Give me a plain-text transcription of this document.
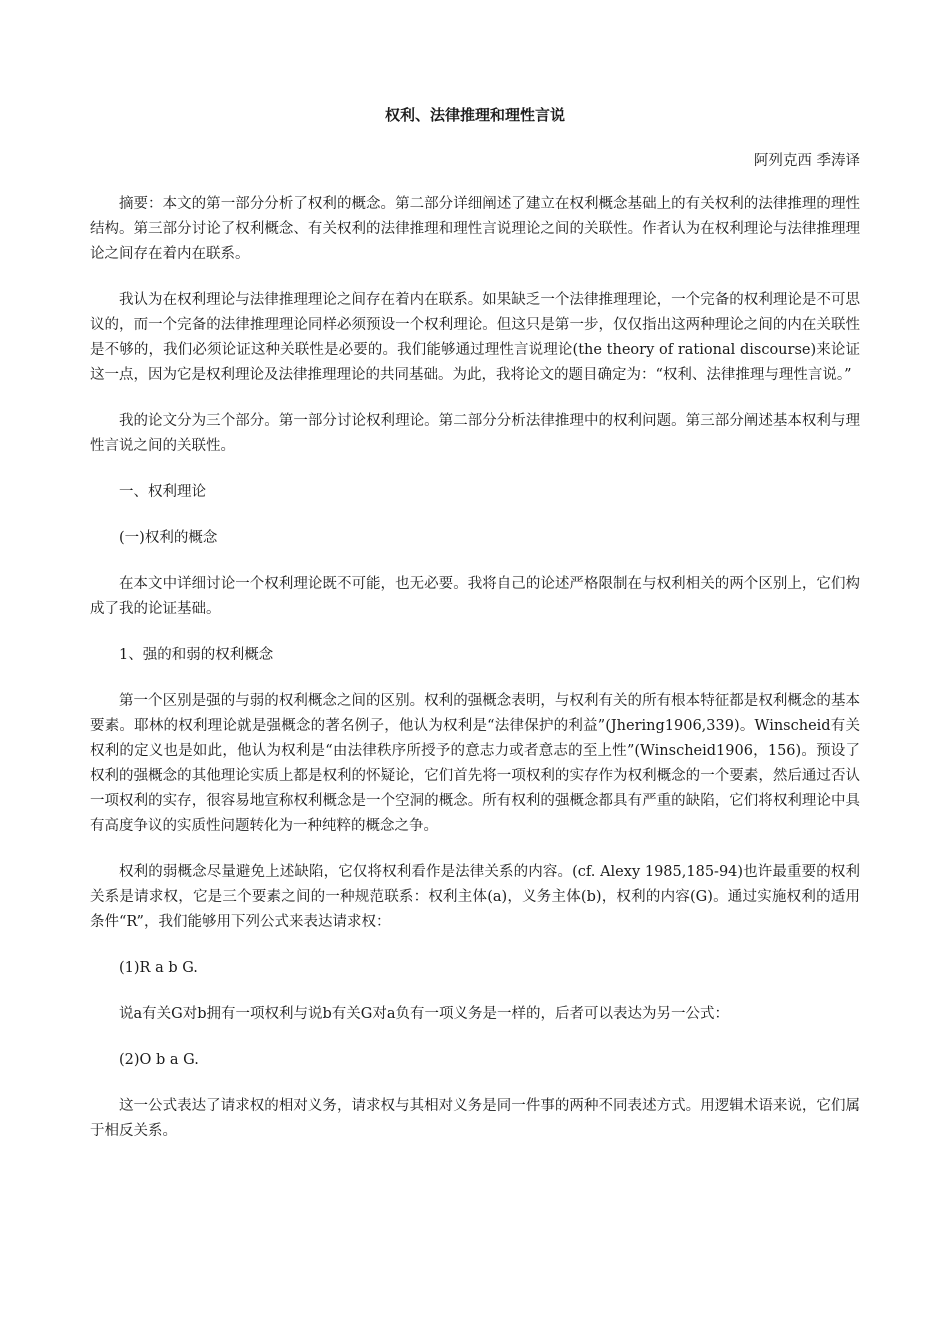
权利、法律推理和理性言说
阿列克西 季涛译

摘要：本文的第一部分分析了权利的概念。第二部分详细阐述了建立在权利概念基础上的有关权利的法律推理的理性结构。第三部分讨论了权利概念、有关权利的法律推理和理性言说理论之间的关联性。作者认为在权利理论与法律推理理论之间存在着内在联系。

我认为在权利理论与法律推理理论之间存在着内在联系。如果缺乏一个法律推理理论，一个完备的权利理论是不可思议的，而一个完备的法律推理理论同样必须预设一个权利理论。但这只是第一步，仅仅指出这两种理论之间的内在关联性是不够的，我们必须论证这种关联性是必要的。我们能够通过理性言说理论(the theory of rational discourse)来论证这一点，因为它是权利理论及法律推理理论的共同基础。为此，我将论文的题目确定为：“权利、法律推理与理性言说。”

我的论文分为三个部分。第一部分讨论权利理论。第二部分分析法律推理中的权利问题。第三部分阐述基本权利与理性言说之间的关联性。

一、权利理论

(一)权利的概念

在本文中详细讨论一个权利理论既不可能，也无必要。我将自己的论述严格限制在与权利相关的两个区别上，它们构成了我的论证基础。

1、强的和弱的权利概念

第一个区别是强的与弱的权利概念之间的区别。权利的强概念表明，与权利有关的所有根本特征都是权利概念的基本要素。耶林的权利理论就是强概念的著名例子，他认为权利是“法律保护的利益”(Jhering1906,339)。Winscheid有关权利的定义也是如此，他认为权利是“由法律秩序所授予的意志力或者意志的至上性”(Winscheid1906，156)。预设了权利的强概念的其他理论实质上都是权利的怀疑论，它们首先将一项权利的实存作为权利概念的一个要素，然后通过否认一项权利的实存，很容易地宣称权利概念是一个空洞的概念。所有权利的强概念都具有严重的缺陷，它们将权利理论中具有高度争议的实质性问题转化为一种纯粹的概念之争。

权利的弱概念尽量避免上述缺陷，它仅将权利看作是法律关系的内容。(cf. Alexy 1985,185-94)也许最重要的权利关系是请求权，它是三个要素之间的一种规范联系：权利主体(a)，义务主体(b)，权利的内容(G)。通过实施权利的适用条件“R”，我们能够用下列公式来表达请求权：

(1)R a b G.

说a有关G对b拥有一项权利与说b有关G对a负有一项义务是一样的，后者可以表达为另一公式：

(2)O b a G.

这一公式表达了请求权的相对义务，请求权与其相对义务是同一件事的两种不同表述方式。用逻辑术语来说，它们属于相反关系。
